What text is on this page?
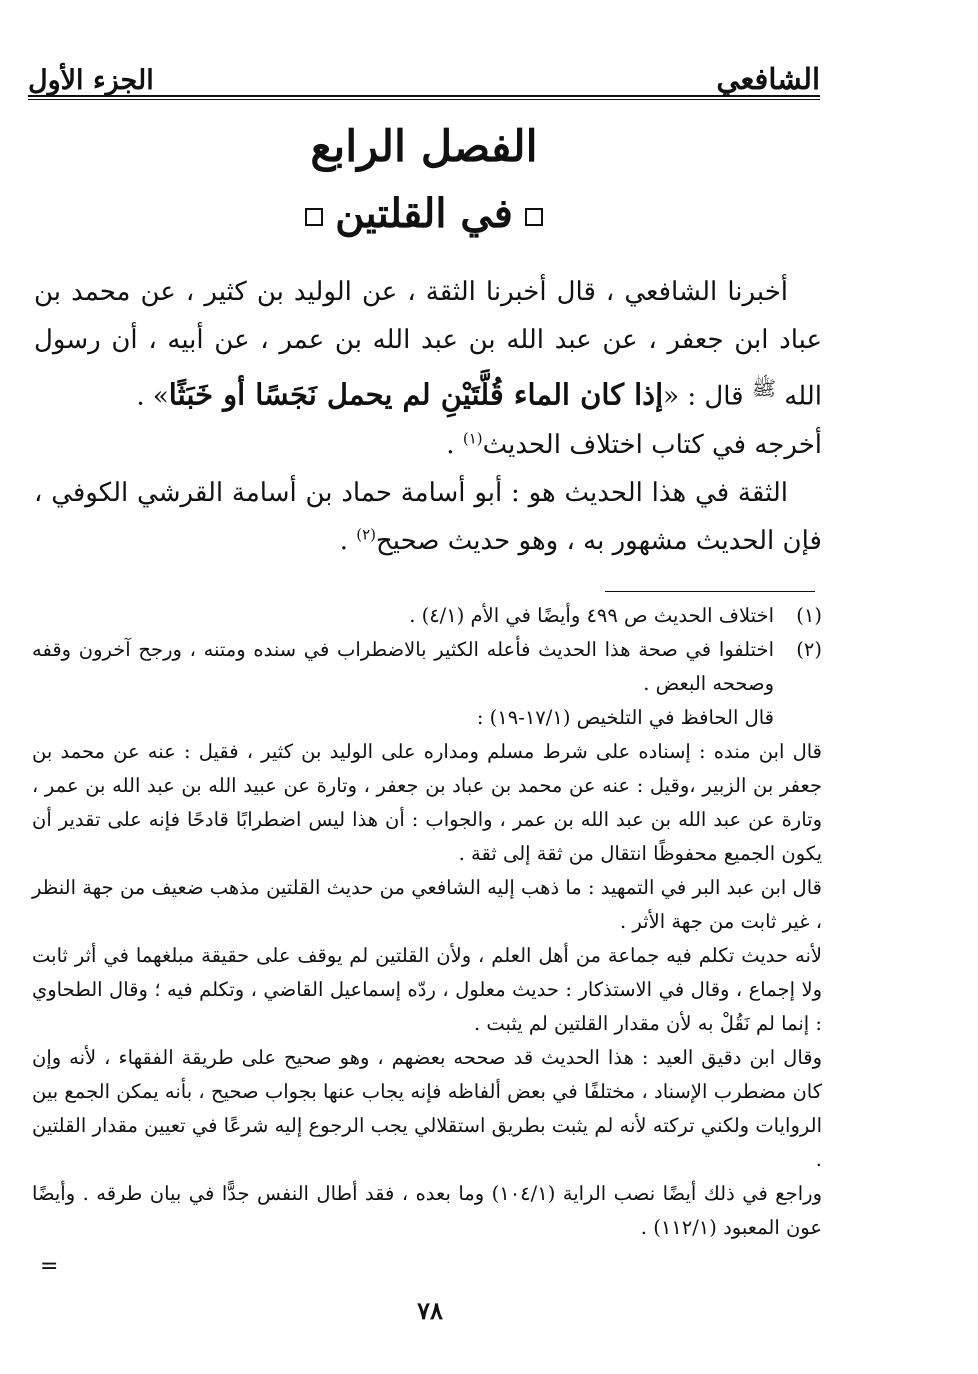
الشافعي
الجزء الأول
الفصل الرابع
في القلتين

أخبرنا الشافعي ، قال أخبرنا الثقة ، عن الوليد بن كثير ، عن محمد بن عباد ابن جعفر ، عن عبد الله بن عبد الله بن عمر ، عن أبيه ، أن رسول الله $^ﷺ$ قال : «إذا كان الماء قُلَّتَيْنِ لم يحمل نَجَسًا أو خَبَثًا» .

أخرجه في كتاب اختلاف الحديث$^{(١)}$ .

الثقة في هذا الحديث هو : أبو أسامة حماد بن أسامة القرشي الكوفي ، فإن الحديث مشهور به ، وهو حديث صحيح$^{(٢)}$ .

(١)
اختلاف الحديث ص ٤٩٩ وأيضًا في الأم (٤/١) .
(٢)

اختلفوا في صحة هذا الحديث فأعله الكثير بالاضطراب في سنده ومتنه ، ورجح آخرون وقفه وصححه البعض .

قال الحافظ في التلخيص (١٧/١-١٩) :

قال ابن منده : إسناده على شرط مسلم ومداره على الوليد بن كثير ، فقيل : عنه عن محمد بن جعفر بن الزبير ،وقيل : عنه عن محمد بن عباد بن جعفر ، وتارة عن عبيد الله بن عبد الله بن عمر ، وتارة عن عبد الله بن عبد الله بن عمر ، والجواب : أن هذا ليس اضطرابًا قادحًا فإنه على تقدير أن يكون الجميع محفوظًا انتقال من ثقة إلى ثقة .

قال ابن عبد البر في التمهيد : ما ذهب إليه الشافعي من حديث القلتين مذهب ضعيف من جهة النظر ، غير ثابت من جهة الأثر .

لأنه حديث تكلم فيه جماعة من أهل العلم ، ولأن القلتين لم يوقف على حقيقة مبلغهما في أثر ثابت ولا إجماع ، وقال في الاستذكار : حديث معلول ، ردّه إسماعيل القاضي ، وتكلم فيه ؛ وقال الطحاوي : إنما لم نَقُلْ به لأن مقدار القلتين لم يثبت .

وقال ابن دقيق العيد : هذا الحديث قد صححه بعضهم ، وهو صحيح على طريقة الفقهاء ، لأنه وإن كان مضطرب الإسناد ، مختلفًا في بعض ألفاظه فإنه يجاب عنها بجواب صحيح ، بأنه يمكن الجمع بين الروايات ولكني تركته لأنه لم يثبت بطريق استقلالي يجب الرجوع إليه شرعًا في تعيين مقدار القلتين .

وراجع في ذلك أيضًا نصب الراية (١٠٤/١) وما بعده ، فقد أطال النفس جدًّا في بيان طرقه . وأيضًا عون المعبود (١١٢/١) .

=
٧٨
